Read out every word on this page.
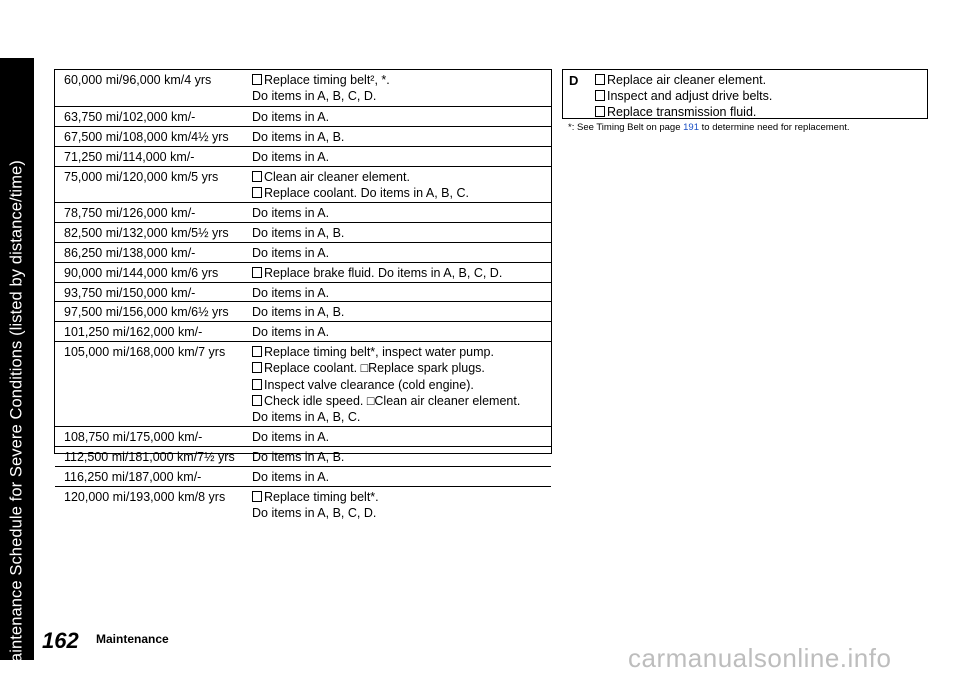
Maintenance Schedule for Severe Conditions (listed by distance/time)
60,000 mi/96,000 km/4 yrs	Replace timing belt², *.
Do items in A, B, C, D.
63,750 mi/102,000 km/-	Do items in A.
67,500 mi/108,000 km/4½ yrs Do items in A, B.
71,250 mi/114,000 km/-	Do items in A.
75,000 mi/120,000 km/5 yrs	Clean air cleaner element.
Replace coolant. Do items in A, B, C.
78,750 mi/126,000 km/-	Do items in A.
82,500 mi/132,000 km/5½ yrs Do items in A, B.
86,250 mi/138,000 km/-	Do items in A.
90,000 mi/144,000 km/6 yrs	Replace brake fluid. Do items in A, B, C, D.
93,750 mi/150,000 km/-	Do items in A.
97,500 mi/156,000 km/6½ yrs Do items in A, B.
101,250 mi/162,000 km/-	Do items in A.
105,000 mi/168,000 km/7 yrs	Replace timing belt*, inspect water pump.
Replace coolant. □Replace spark plugs.
Inspect valve clearance (cold engine).
Check idle speed. □Clean air cleaner element.
Do items in A, B, C.
108,750 mi/175,000 km/-	Do items in A.
112,500 mi/181,000 km/7½ yrs Do items in A, B.
116,250 mi/187,000 km/-	Do items in A.
120,000 mi/193,000 km/8 yrs	Replace timing belt*.
Do items in A, B, C, D.
D	Replace air cleaner element.
Inspect and adjust drive belts.
Replace transmission fluid.
*: See Timing Belt on page 191 to determine need for replacement.
162 Maintenance
carmanualsonline.info
